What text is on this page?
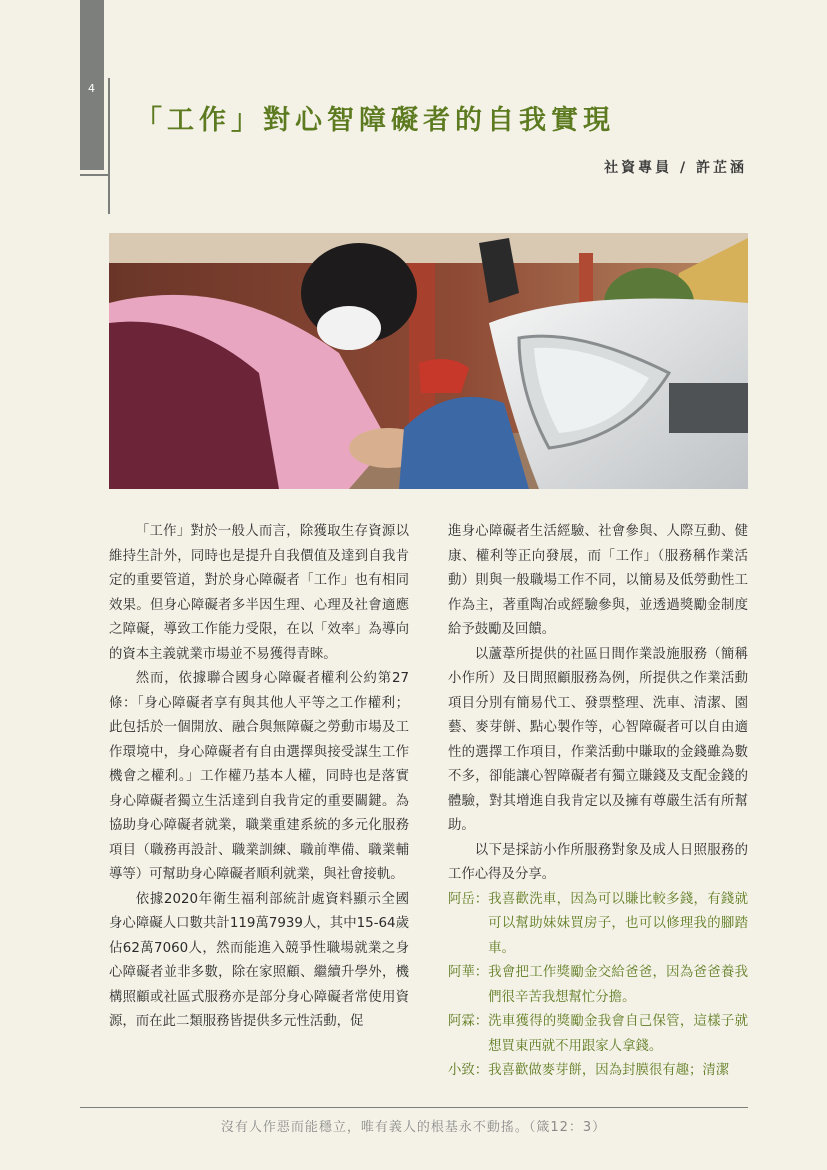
4
「工作」對心智障礙者的自我實現
社資專員 / 許芷涵

「工作」對於一般人而言，除獲取生存資源以維持生計外，同時也是提升自我價值及達到自我肯定的重要管道，對於身心障礙者「工作」也有相同效果。但身心障礙者多半因生理、心理及社會適應之障礙，導致工作能力受限，在以「效率」為導向的資本主義就業市場並不易獲得青睞。

然而，依據聯合國身心障礙者權利公約第27條：「身心障礙者享有與其他人平等之工作權利；此包括於一個開放、融合與無障礙之勞動市場及工作環境中，身心障礙者有自由選擇與接受謀生工作機會之權利。」工作權乃基本人權，同時也是落實身心障礙者獨立生活達到自我肯定的重要關鍵。為協助身心障礙者就業，職業重建系統的多元化服務項目（職務再設計、職業訓練、職前準備、職業輔導等）可幫助身心障礙者順利就業，與社會接軌。

依據2020年衛生福利部統計處資料顯示全國身心障礙人口數共計119萬7939人，其中15-64歲佔62萬7060人，然而能進入競爭性職場就業之身心障礙者並非多數，除在家照顧、繼續升學外，機構照顧或社區式服務亦是部分身心障礙者常使用資源，而在此二類服務皆提供多元性活動，促

進身心障礙者生活經驗、社會參與、人際互動、健康、權利等正向發展，而「工作」（服務稱作業活動）則與一般職場工作不同，以簡易及低勞動性工作為主，著重陶冶或經驗參與，並透過獎勵金制度給予鼓勵及回饋。

以蘆葦所提供的社區日間作業設施服務（簡稱小作所）及日間照顧服務為例，所提供之作業活動項目分別有簡易代工、發票整理、洗車、清潔、園藝、麥芽餅、點心製作等，心智障礙者可以自由適性的選擇工作項目，作業活動中賺取的金錢雖為數不多，卻能讓心智障礙者有獨立賺錢及支配金錢的體驗，對其增進自我肯定以及擁有尊嚴生活有所幫助。

以下是採訪小作所服務對象及成人日照服務的工作心得及分享。

阿岳： 我喜歡洗車，因為可以賺比較多錢，有錢就可以幫助妹妹買房子，也可以修理我的腳踏車。
阿華： 我會把工作獎勵金交給爸爸，因為爸爸養我們很辛苦我想幫忙分擔。
阿霖： 洗車獲得的獎勵金我會自己保管，這樣子就想買東西就不用跟家人拿錢。
小致： 我喜歡做麥芽餅，因為封膜很有趣；清潔
沒有人作惡而能穩立，唯有義人的根基永不動搖。（箴12：3）
